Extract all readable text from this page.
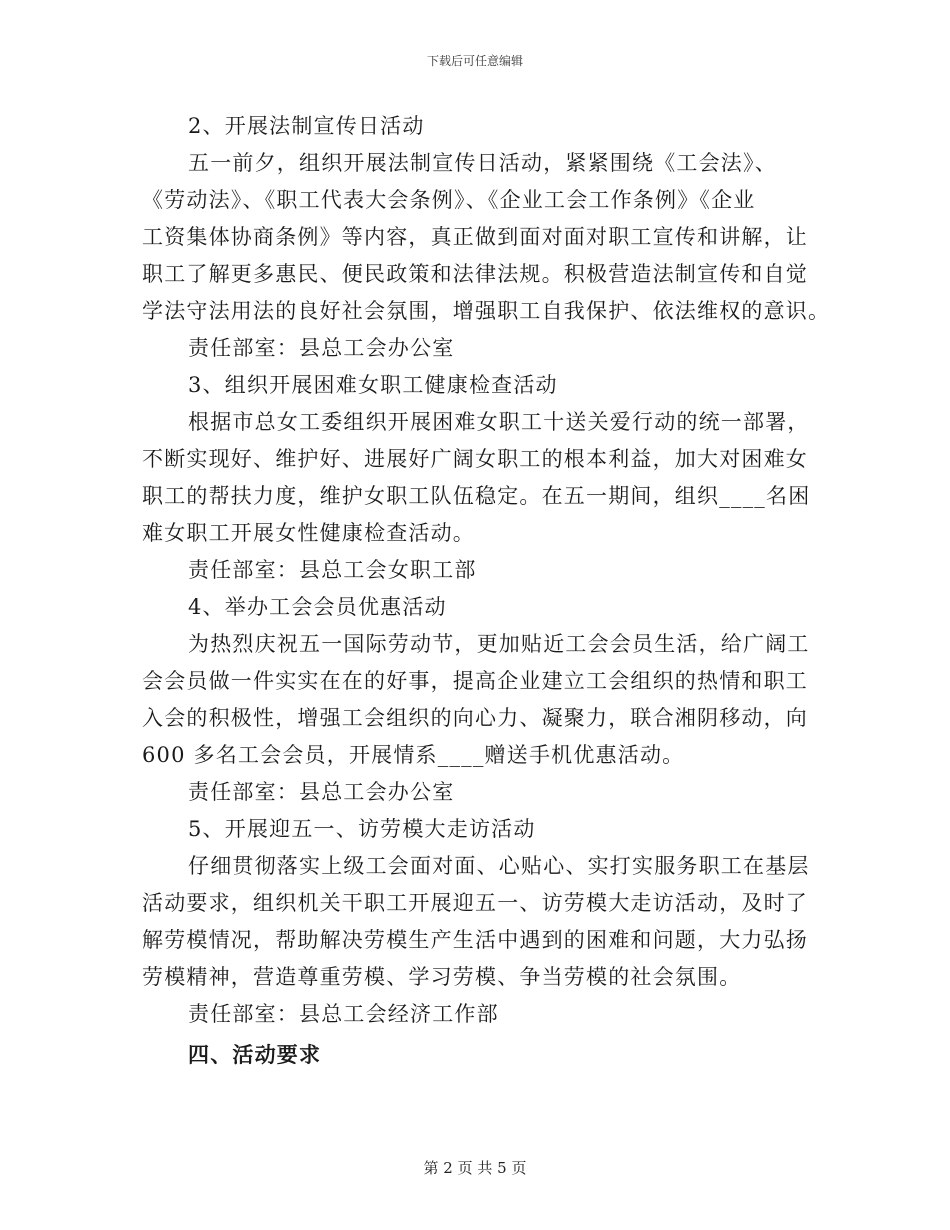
下载后可任意编辑
2、开展法制宣传日活动
五一前夕，组织开展法制宣传日活动，紧紧围绕《工会法》、
《劳动法》、《职工代表大会条例》、《企业工会工作条例》《企业
工资集体协商条例》等内容，真正做到面对面对职工宣传和讲解，让
职工了解更多惠民、便民政策和法律法规。积极营造法制宣传和自觉
学法守法用法的良好社会氛围，增强职工自我保护、依法维权的意识。
责任部室：县总工会办公室
3、组织开展困难女职工健康检查活动
根据市总女工委组织开展困难女职工十送关爱行动的统一部署，
不断实现好、维护好、进展好广阔女职工的根本利益，加大对困难女
职工的帮扶力度，维护女职工队伍稳定。在五一期间，组织____名困
难女职工开展女性健康检查活动。
责任部室：县总工会女职工部
4、举办工会会员优惠活动
为热烈庆祝五一国际劳动节，更加贴近工会会员生活，给广阔工
会会员做一件实实在在的好事，提高企业建立工会组织的热情和职工
入会的积极性，增强工会组织的向心力、凝聚力，联合湘阴移动，向
600 多名工会会员，开展情系____赠送手机优惠活动。
责任部室：县总工会办公室
5、开展迎五一、访劳模大走访活动
仔细贯彻落实上级工会面对面、心贴心、实打实服务职工在基层
活动要求，组织机关干职工开展迎五一、访劳模大走访活动，及时了
解劳模情况，帮助解决劳模生产生活中遇到的困难和问题，大力弘扬
劳模精神，营造尊重劳模、学习劳模、争当劳模的社会氛围。
责任部室：县总工会经济工作部
四、活动要求
第 2 页 共 5 页
